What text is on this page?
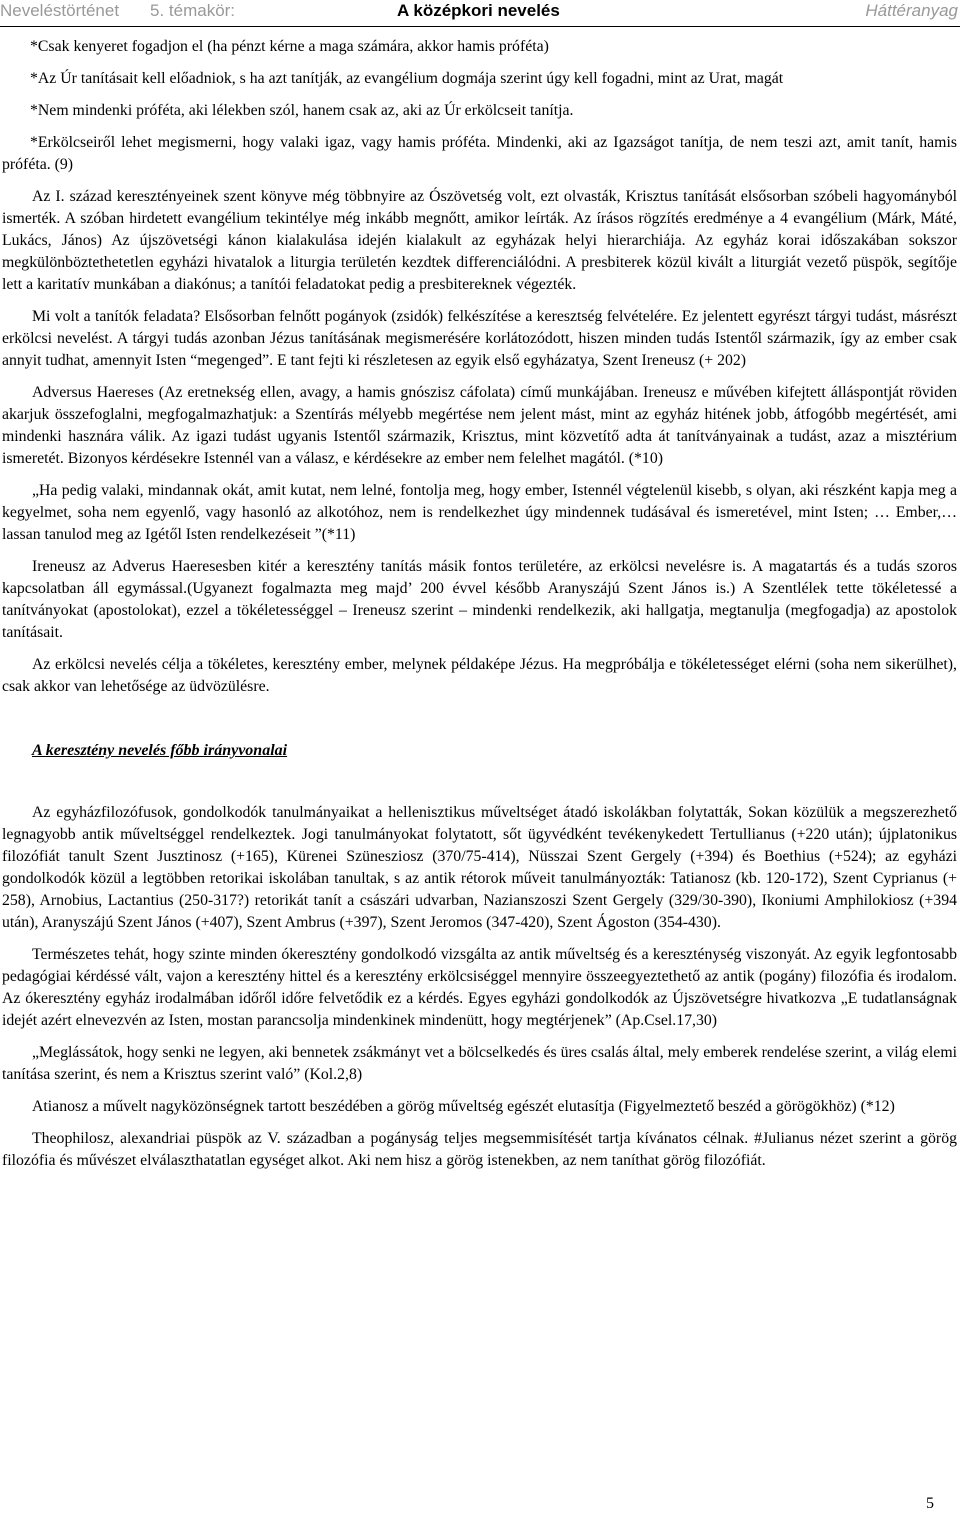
Neveléstörténet 5. témakör:	A középkori nevelés	Háttéranyag

*Csak kenyeret fogadjon el (ha pénzt kérne a maga számára, akkor hamis próféta)

*Az Úr tanításait kell előadniok, s ha azt tanítják, az evangélium dogmája szerint úgy kell fogadni, mint az Urat, magát

*Nem mindenki próféta, aki lélekben szól, hanem csak az, aki az Úr erkölcseit tanítja.

*Erkölcseiről lehet megismerni, hogy valaki igaz, vagy hamis próféta. Mindenki, aki az Igazságot tanítja, de nem teszi azt, amit tanít, hamis próféta. (9)

Az I. század keresztényeinek szent könyve még többnyire az Ószövetség volt, ezt olvasták, Krisztus tanítását elsősorban szóbeli hagyományból ismerték. A szóban hirdetett evangélium tekintélye még inkább megnőtt, amikor leírták. Az írásos rögzítés eredménye a 4 evangélium (Márk, Máté, Lukács, János) Az újszövetségi kánon kialakulása idején kialakult az egyházak helyi hierarchiája. Az egyház korai időszakában sokszor megkülönböztethetetlen egyházi hivatalok a liturgia területén kezdtek differenciálódni. A presbiterek közül kivált a liturgiát vezető püspök, segítője lett a karitatív munkában a diakónus; a tanítói feladatokat pedig a presbitereknek végezték.

Mi volt a tanítók feladata? Elsősorban felnőtt pogányok (zsidók) felkészítése a keresztség felvételére. Ez jelentett egyrészt tárgyi tudást, másrészt erkölcsi nevelést. A tárgyi tudás azonban Jézus tanításának megismerésére korlátozódott, hiszen minden tudás Istentől származik, így az ember csak annyit tudhat, amennyit Isten “megenged”. E tant fejti ki részletesen az egyik első egyházatya, Szent Ireneusz (+ 202)

Adversus Haereses (Az eretnekség ellen, avagy, a hamis gnószisz cáfolata) című munkájában. Ireneusz e művében kifejtett álláspontját röviden akarjuk összefoglalni, megfogalmazhatjuk: a Szentírás mélyebb megértése nem jelent mást, mint az egyház hitének jobb, átfogóbb megértését, ami mindenki hasznára válik. Az igazi tudást ugyanis Istentől származik, Krisztus, mint közvetítő adta át tanítványainak a tudást, azaz a misztérium ismeretét. Bizonyos kérdésekre Istennél van a válasz, e kérdésekre az ember nem felelhet magától. (*10)

„Ha pedig valaki, mindannak okát, amit kutat, nem lelné, fontolja meg, hogy ember, Istennél végtelenül kisebb, s olyan, aki részként kapja meg a kegyelmet, soha nem egyenlő, vagy hasonló az alkotóhoz, nem is rendelkezhet úgy mindennek tudásával és ismeretével, mint Isten; … Ember,… lassan tanulod meg az Igétől Isten rendelkezéseit ”(*11)

Ireneusz az Adverus Haeresesben kitér a keresztény tanítás másik fontos területére, az erkölcsi nevelésre is. A magatartás és a tudás szoros kapcsolatban áll egymással.(Ugyanezt fogalmazta meg majd’ 200 évvel később Aranyszájú Szent János is.) A Szentlélek tette tökéletessé a tanítványokat (apostolokat), ezzel a tökéletességgel – Ireneusz szerint – mindenki rendelkezik, aki hallgatja, megtanulja (megfogadja) az apostolok tanításait.

Az erkölcsi nevelés célja a tökéletes, keresztény ember, melynek példaképe Jézus. Ha megpróbálja e tökéletességet elérni (soha nem sikerülhet), csak akkor van lehetősége az üdvözülésre.

A keresztény nevelés főbb irányvonalai

Az egyházfilozófusok, gondolkodók tanulmányaikat a hellenisztikus műveltséget átadó iskolákban folytatták, Sokan közülük a megszerezhető legnagyobb antik műveltséggel rendelkeztek. Jogi tanulmányokat folytatott, sőt ügyvédként tevékenykedett Tertullianus (+220 után); újplatonikus filozófiát tanult Szent Jusztinosz (+165), Kürenei Szünesziosz (370/75-414), Nüsszai Szent Gergely (+394) és Boethius (+524); az egyházi gondolkodók közül a legtöbben retorikai iskolában tanultak, s az antik rétorok műveit tanulmányozták: Tatianosz (kb. 120-172), Szent Cyprianus (+ 258), Arnobius, Lactantius (250-317?) retorikát tanít a császári udvarban, Nazianszoszi Szent Gergely (329/30-390), Ikoniumi Amphilokiosz (+394 után), Aranyszájú Szent János (+407), Szent Ambrus (+397), Szent Jeromos (347-420), Szent Ágoston (354-430).

Természetes tehát, hogy szinte minden ókeresztény gondolkodó vizsgálta az antik műveltség és a kereszténység viszonyát. Az egyik legfontosabb pedagógiai kérdéssé vált, vajon a keresztény hittel és a keresztény erkölcsiséggel mennyire összeegyeztethető az antik (pogány) filozófia és irodalom. Az ókeresztény egyház irodalmában időről időre felvetődik ez a kérdés. Egyes egyházi gondolkodók az Újszövetségre hivatkozva „E tudatlanságnak idejét azért elnevezvén az Isten, mostan parancsolja mindenkinek mindenütt, hogy megtérjenek” (Ap.Csel.17,30)

„Meglássátok, hogy senki ne legyen, aki bennetek zsákmányt vet a bölcselkedés és üres csalás által, mely emberek rendelése szerint, a világ elemi tanítása szerint, és nem a Krisztus szerint való” (Kol.2,8)

Atianosz a művelt nagyközönségnek tartott beszédében a görög műveltség egészét elutasítja (Figyelmeztető beszéd a görögökhöz) (*12)

Theophilosz, alexandriai püspök az V. században a pogányság teljes megsemmisítését tartja kívánatos célnak. #Julianus nézet szerint a görög filozófia és művészet elválaszthatatlan egységet alkot. Aki nem hisz a görög istenekben, az nem taníthat görög filozófiát.

5
